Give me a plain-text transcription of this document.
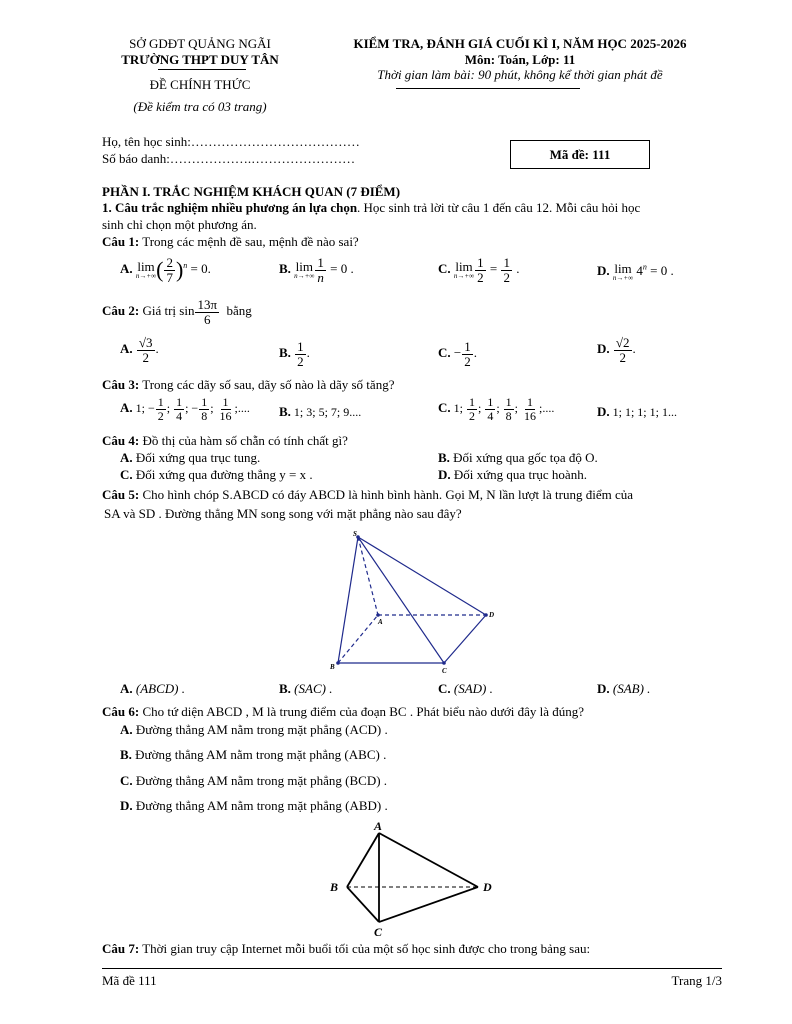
SỞ GDĐT QUẢNG NGÃI
TRƯỜNG THPT DUY TÂN
ĐỀ CHÍNH THỨC
(Đề kiểm tra có 03 trang)
KIỂM TRA, ĐÁNH GIÁ CUỐI KÌ I, NĂM HỌC 2025-2026
Môn: Toán, Lớp: 11
Thời gian làm bài: 90 phút, không kể thời gian phát đề
Họ, tên học sinh:…………………………………
Số báo danh:……………….……………………	Mã đề: 111
PHẦN I. TRẮC NGHIỆM KHÁCH QUAN (7 ĐIỂM)
1. Câu trắc nghiệm nhiều phương án lựa chọn. Học sinh trả lời từ câu 1 đến câu 12. Mỗi câu hỏi học
sinh chỉ chọn một phương án.
Câu 1: Trong các mệnh đề sau, mệnh đề nào sai?
A. lim
n→+∞ ( $\frac{2}{7} )^n = 0$.	B. lim
$n\to+\infty \frac{1}{n} = 0$ .	C. lim
$n\to+\infty \frac{1}{2} = \frac{1}{2}$ .	D. lim
n→+∞
$4^n = 0$ .
Câu 2: Giá trị $\sin \frac{13\pi}{6}$ bằng
A. $\frac{√3}{2}$ .	B. $\frac{1}{2}$ .	C. − $\frac{1}{2}$ .	D. $\frac{√2}{2}$ .
Câu 3: Trong các dãy số sau, dãy số nào là dãy số tăng?
A. 1; − $\frac{1}{2}$ ; $\frac{1}{4}$ ; − $\frac{1}{8}$ ; $\frac{1}{16}$ ;.... B. 1; 3; 5; 7; 9....	C. 1; $\frac{1}{2}$ ; $\frac{1}{4}$ ; $\frac{1}{8}$ ; $\frac{1}{16}$ ;....	D. 1; 1; 1; 1; 1...
Câu 4: Đồ thị của hàm số chẵn có tính chất gì?
A. Đối xứng qua trục tung.	B. Đối xứng qua gốc tọa độ O.
C. Đối xứng qua đường thẳng y = x .	D. Đối xứng qua trục hoành.
Câu 5: Cho hình chóp S.ABCD có đáy ABCD là hình bình hành. Gọi M, N lần lượt là trung điểm của
SA và SD . Đường thẳng MN song song với mặt phẳng nào sau đây?
S
A
B	C
D
A. (ABCD) .	B. (SAC) .	C. (SAD) .	D. (SAB) .
Câu 6: Cho tứ diện ABCD , M là trung điểm của đoạn BC . Phát biểu nào dưới đây là đúng?
A. Đường thẳng AM nằm trong mặt phẳng (ACD) .
B. Đường thẳng AM nằm trong mặt phẳng (ABC) .
C. Đường thẳng AM nằm trong mặt phẳng (BCD) .
D. Đường thẳng AM nằm trong mặt phẳng (ABD) .
A
B
C
D
Câu 7: Thời gian truy cập Internet mỗi buổi tối của một số học sinh được cho trong bảng sau:
Mã đề 111	Trang 1/3
